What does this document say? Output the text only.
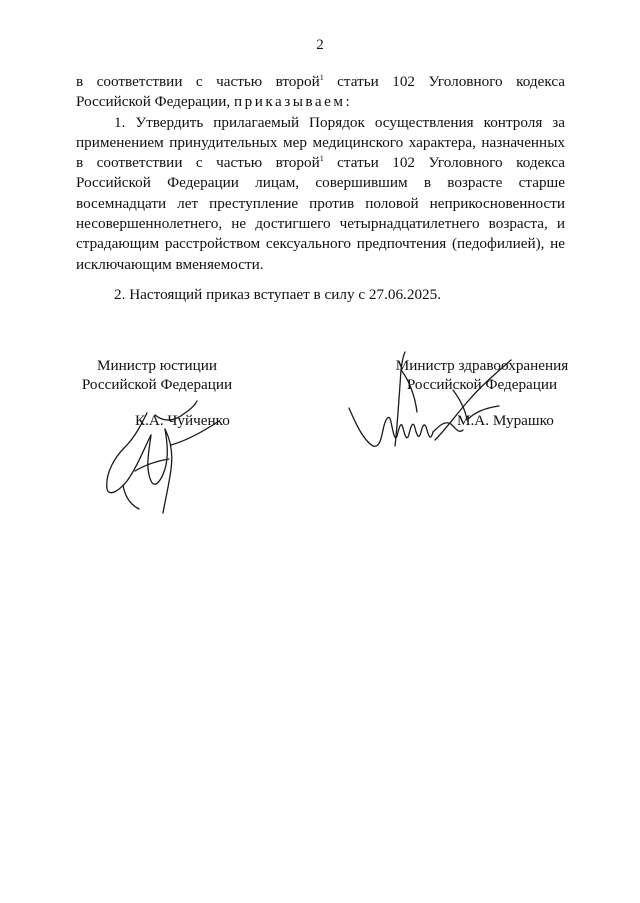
2

в соответствии с частью второй$^1$ статьи 102 Уголовного кодекса Российской Федерации, приказываем:

1. Утвердить прилагаемый Порядок осуществления контроля за применением принудительных мер медицинского характера, назначенных в соответствии с частью второй$^1$ статьи 102 Уголовного кодекса Российской Федерации лицам, совершившим в возрасте старше восемнадцати лет преступление против половой неприкосновенности несовершеннолетнего, не достигшего четырнадцатилетнего возраста, и страдающим расстройством сексуального предпочтения (педофилией), не исключающим вменяемости.

2. Настоящий приказ вступает в силу с 27.06.2025.

Министр юстиции
Российской Федерации
К.А. Чуйченко
Министр здравоохранения
Российской Федерации
М.А. Мурашко
